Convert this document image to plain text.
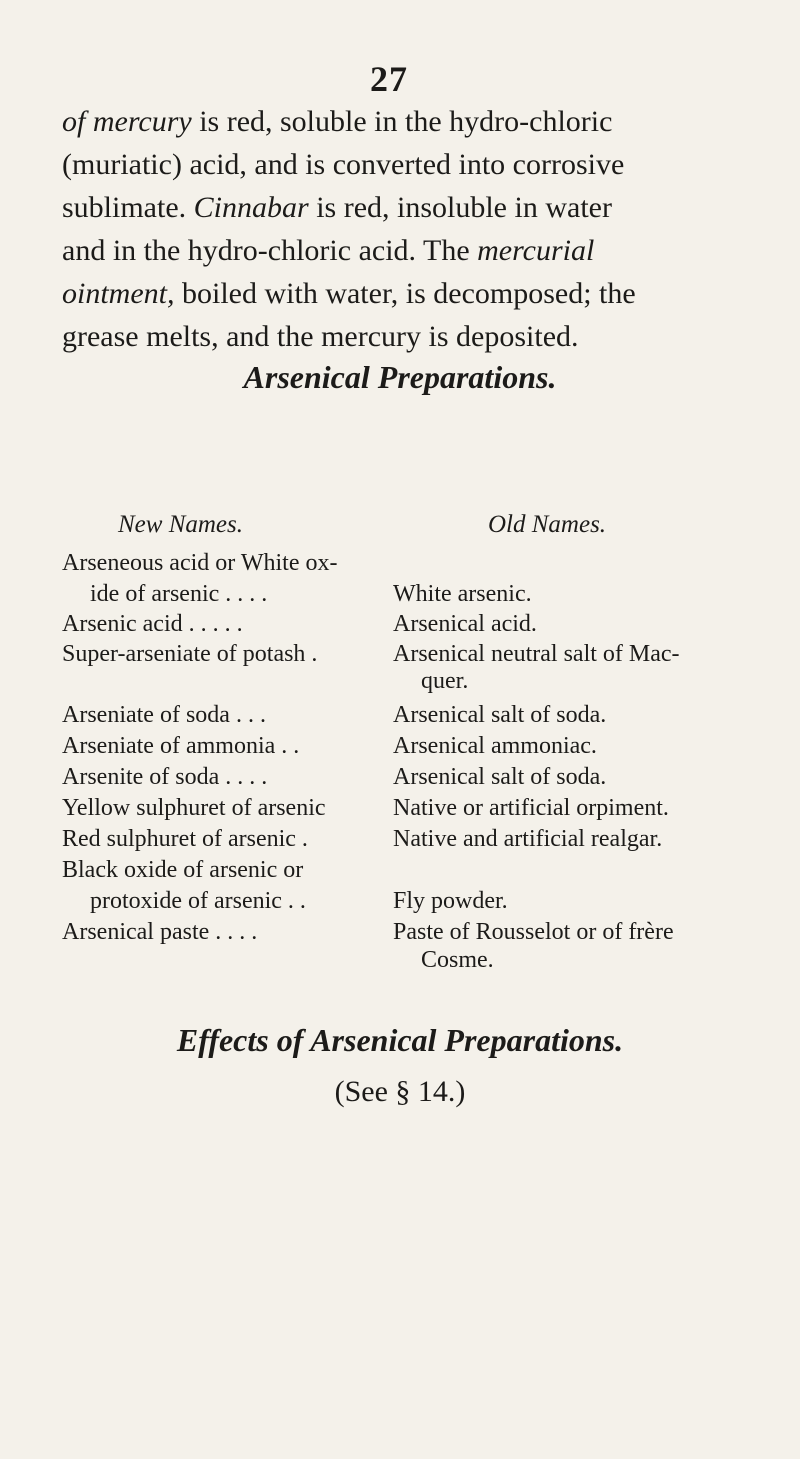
27

of mercury is red, soluble in the hydro-chloric
(muriatic) acid, and is converted into corrosive
sublimate. Cinnabar is red, insoluble in water
and in the hydro-chloric acid. The mercurial
ointment, boiled with water, is decomposed; the
grease melts, and the mercury is deposited.

Arsenical Preparations.
New Names.	Old Names.
Arseneous acid or White ox-
ide of arsenic . . . .	White arsenic.
Arsenic acid . . . . .	Arsenical acid.
Super-arseniate of potash .	Arsenical neutral salt of Mac-
quer.
Arseniate of soda . . .	Arsenical salt of soda.
Arseniate of ammonia . .	Arsenical ammoniac.
Arsenite of soda . . . .	Arsenical salt of soda.
Yellow sulphuret of arsenic	Native or artificial orpiment.
Red sulphuret of arsenic .	Native and artificial realgar.
Black oxide of arsenic or
protoxide of arsenic . .	Fly powder.
Arsenical paste . . . .	Paste of Rousselot or of frère
Cosme.
Effects of Arsenical Preparations.
(See § 14.)
